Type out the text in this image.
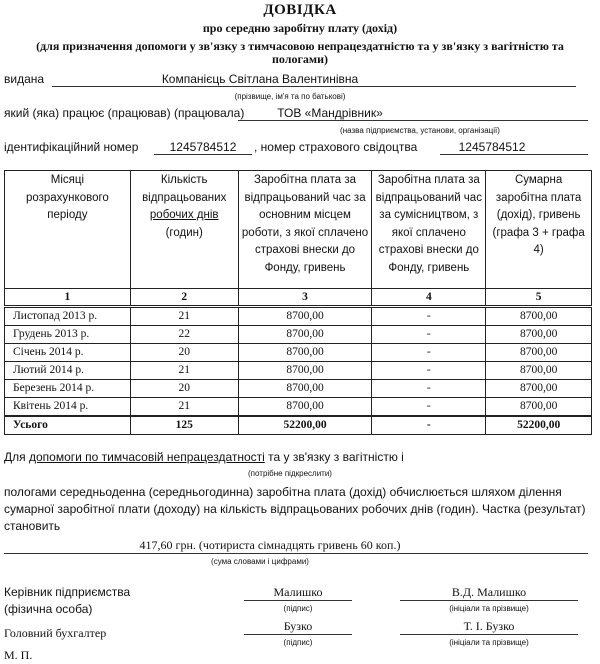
ДОВІДКА
про середню заробітну плату (дохід)
(для призначення допомоги у зв'язку з тимчасовою непрацездатністю та у зв'язку з вагітністю та пологами)
видана	Компанієць Світлана Валентинівна
(прізвище, ім'я та по батькові)
який (яка) працює (працював) (працювала)	ТОВ «Мандрівник»
(назва підприємства, установи, організації)
ідентифікаційний номер	1245784512	, номер страхового свідоцтва	1245784512
Місяці розрахункового періоду	Кількість відпрацьованих робочих днів (годин)	Заробітна плата за відпрацьований час за основним місцем роботи, з якої сплачено страхові внески до Фонду, гривень	Заробітна плата за відпрацьований час за сумісництвом, з якої сплачено страхові внески до Фонду, гривень	Сумарна заробітна плата (дохід), гривень (графа 3 + графа 4)
1	2	3	4	5
Листопад 2013 р.	21	8700,00	-	8700,00
Грудень 2013 р.	22	8700,00	-	8700,00
Січень 2014 р.	20	8700,00	-	8700,00
Лютий 2014 р.	21	8700,00	-	8700,00
Березень 2014 р.	20	8700,00	-	8700,00
Квітень 2014 р.	21	8700,00	-	8700,00
Усього	125	52200,00	-	52200,00
Для допомоги по тимчасовій непрацездатності та у зв'язку з вагітністю і
(потрібне підкреслити)
пологами середньоденна (середньогодинна) заробітна плата (дохід) обчислюється шляхом ділення
сумарної заробітної плати (доходу) на кількість відпрацьованих робочих днів (годин). Частка (результат)
становить
417,60 грн. (чотириста сімнадцять гривень 60 коп.)
(сума словами і цифрами)
Керівник підприємства
(фізична особа)
Малишко
(підпис)
В.Д. Малишко
(ініціали та прізвище)
Головний бухгалтер	Бузко
(підпис)
Т. І. Бузко
(ініціали та прізвище)
М. П.
